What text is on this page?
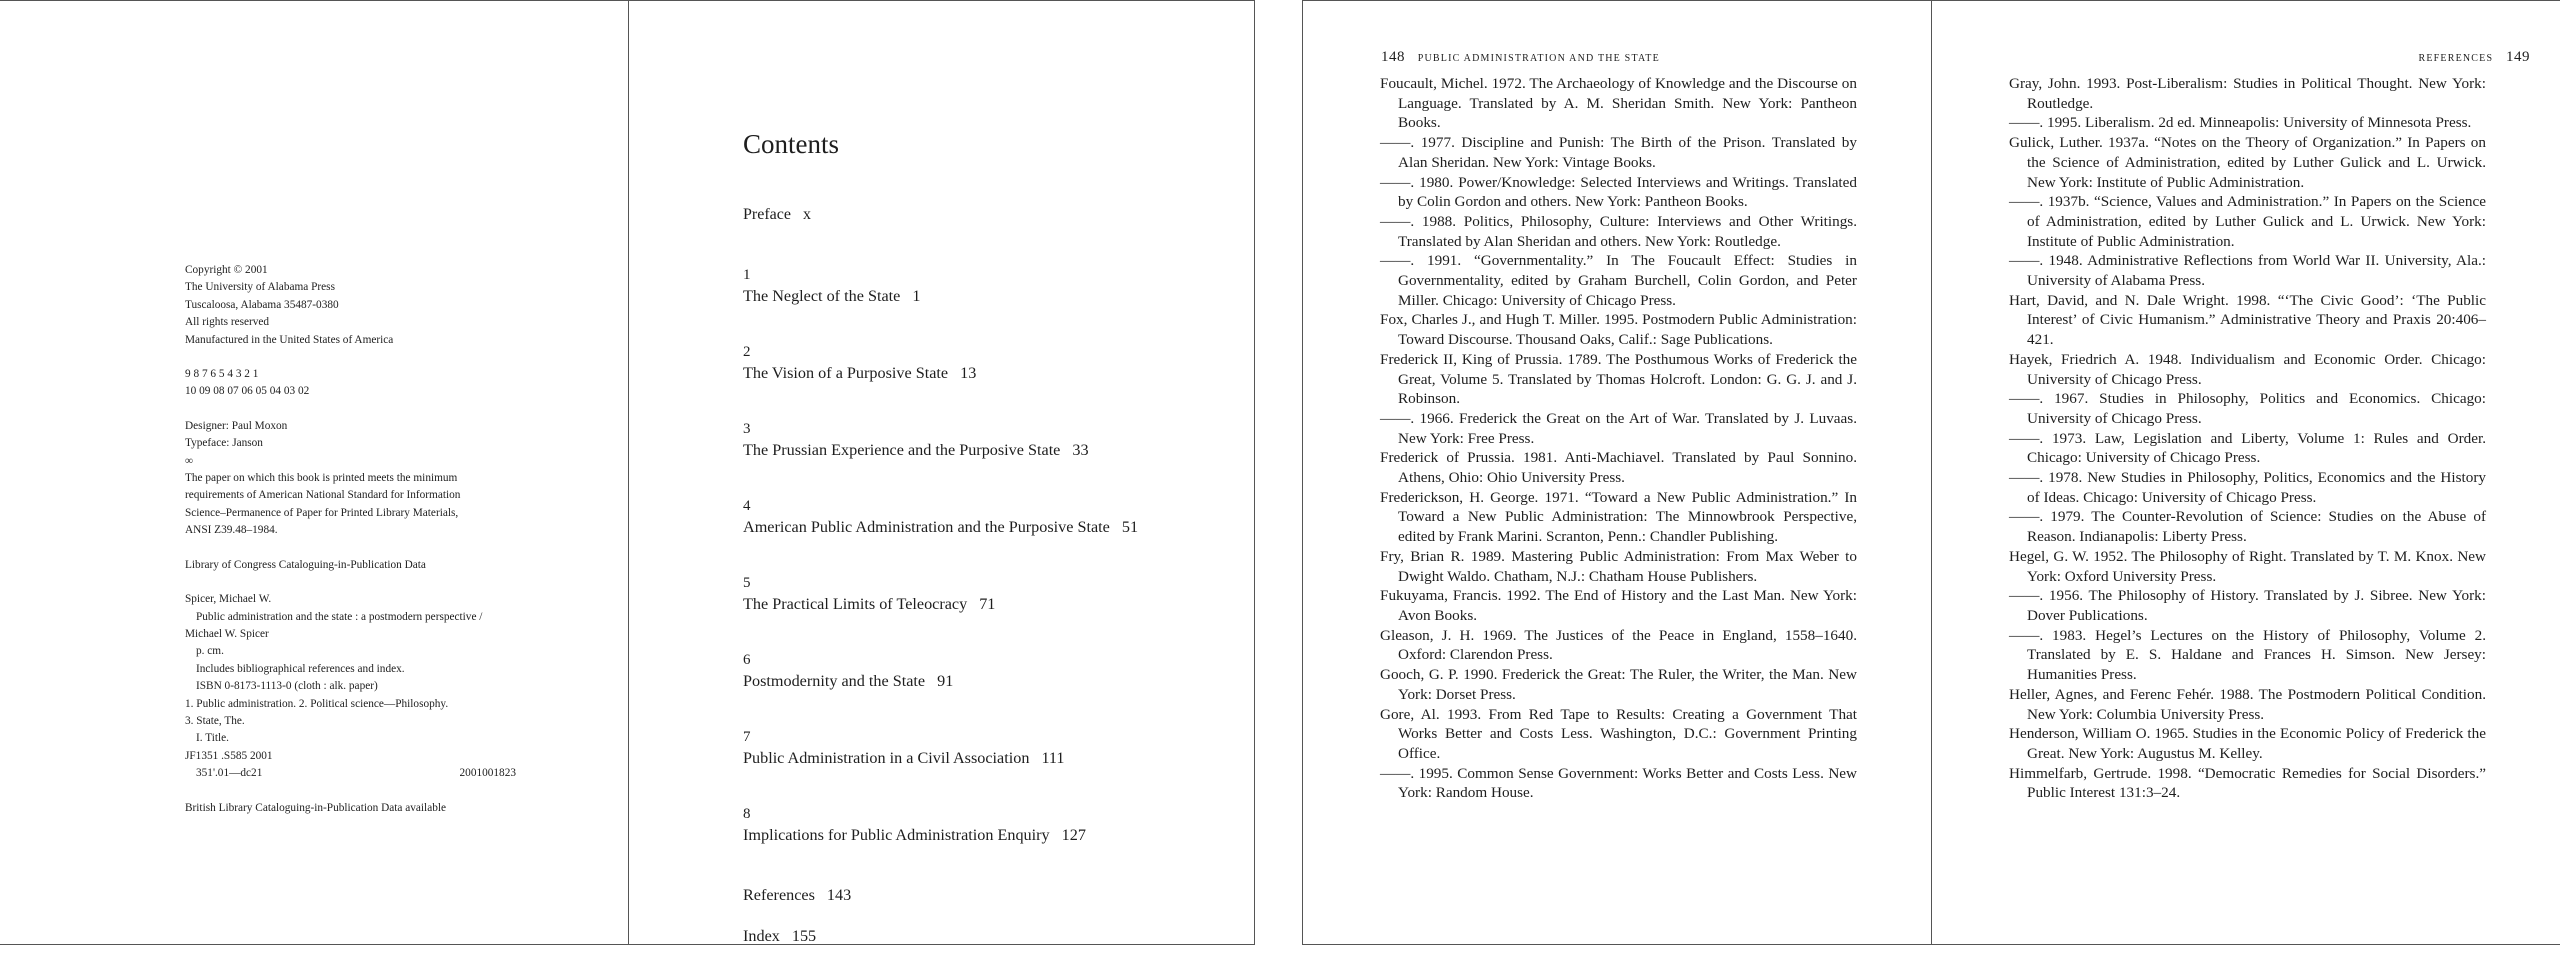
Copyright © 2001
The University of Alabama Press
Tuscaloosa, Alabama 35487-0380
All rights reserved
Manufactured in the United States of America
9 8 7 6 5 4 3 2 1
10 09 08 07 06 05 04 03 02
Designer: Paul Moxon
Typeface: Janson
∞
The paper on which this book is printed meets the minimum
requirements of American National Standard for Information
Science–Permanence of Paper for Printed Library Materials,
ANSI Z39.48–1984.
Library of Congress Cataloguing-in-Publication Data
Spicer, Michael W.
Public administration and the state : a postmodern perspective /
Michael W. Spicer
p. cm.
Includes bibliographical references and index.
ISBN 0-8173-1113-0 (cloth : alk. paper)
1. Public administration. 2. Political science—Philosophy.
3. State, The.
I. Title.
JF1351 .S585 2001
351'.01—dc21	2001001823
British Library Cataloguing-in-Publication Data available
Contents
Preface x
1
The Neglect of the State 1
2
The Vision of a Purposive State 13
3
The Prussian Experience and the Purposive State 33
4
American Public Administration and the Purposive State 51
5
The Practical Limits of Teleocracy 71
6
Postmodernity and the State 91
7
Public Administration in a Civil Association 111
8
Implications for Public Administration Enquiry 127
References 143
Index 155
148 PUBLIC ADMINISTRATION AND THE STATE

Foucault, Michel. 1972. The Archaeology of Knowledge and the Discourse on Language. Translated by A. M. Sheridan Smith. New York: Pantheon Books.

——. 1977. Discipline and Punish: The Birth of the Prison. Translated by Alan Sheridan. New York: Vintage Books.

——. 1980. Power/Knowledge: Selected Interviews and Writings. Translated by Colin Gordon and others. New York: Pantheon Books.

——. 1988. Politics, Philosophy, Culture: Interviews and Other Writings. Translated by Alan Sheridan and others. New York: Routledge.

——. 1991. “Governmentality.” In The Foucault Effect: Studies in Governmentality, edited by Graham Burchell, Colin Gordon, and Peter Miller. Chicago: University of Chicago Press.

Fox, Charles J., and Hugh T. Miller. 1995. Postmodern Public Administration: Toward Discourse. Thousand Oaks, Calif.: Sage Publications.

Frederick II, King of Prussia. 1789. The Posthumous Works of Frederick the Great, Volume 5. Translated by Thomas Holcroft. London: G. G. J. and J. Robinson.

——. 1966. Frederick the Great on the Art of War. Translated by J. Luvaas. New York: Free Press.

Frederick of Prussia. 1981. Anti-Machiavel. Translated by Paul Sonnino. Athens, Ohio: Ohio University Press.

Frederickson, H. George. 1971. “Toward a New Public Administration.” In Toward a New Public Administration: The Minnowbrook Perspective, edited by Frank Marini. Scranton, Penn.: Chandler Publishing.

Fry, Brian R. 1989. Mastering Public Administration: From Max Weber to Dwight Waldo. Chatham, N.J.: Chatham House Publishers.

Fukuyama, Francis. 1992. The End of History and the Last Man. New York: Avon Books.

Gleason, J. H. 1969. The Justices of the Peace in England, 1558–1640. Oxford: Clarendon Press.

Gooch, G. P. 1990. Frederick the Great: The Ruler, the Writer, the Man. New York: Dorset Press.

Gore, Al. 1993. From Red Tape to Results: Creating a Government That Works Better and Costs Less. Washington, D.C.: Government Printing Office.

——. 1995. Common Sense Government: Works Better and Costs Less. New York: Random House.

REFERENCES 149

Gray, John. 1993. Post-Liberalism: Studies in Political Thought. New York: Routledge.

——. 1995. Liberalism. 2d ed. Minneapolis: University of Minnesota Press.

Gulick, Luther. 1937a. “Notes on the Theory of Organization.” In Papers on the Science of Administration, edited by Luther Gulick and L. Urwick. New York: Institute of Public Administration.

——. 1937b. “Science, Values and Administration.” In Papers on the Science of Administration, edited by Luther Gulick and L. Urwick. New York: Institute of Public Administration.

——. 1948. Administrative Reflections from World War II. University, Ala.: University of Alabama Press.

Hart, David, and N. Dale Wright. 1998. “‘The Civic Good’: ‘The Public Interest’ of Civic Humanism.” Administrative Theory and Praxis 20:406–421.

Hayek, Friedrich A. 1948. Individualism and Economic Order. Chicago: University of Chicago Press.

——. 1967. Studies in Philosophy, Politics and Economics. Chicago: University of Chicago Press.

——. 1973. Law, Legislation and Liberty, Volume 1: Rules and Order. Chicago: University of Chicago Press.

——. 1978. New Studies in Philosophy, Politics, Economics and the History of Ideas. Chicago: University of Chicago Press.

——. 1979. The Counter-Revolution of Science: Studies on the Abuse of Reason. Indianapolis: Liberty Press.

Hegel, G. W. 1952. The Philosophy of Right. Translated by T. M. Knox. New York: Oxford University Press.

——. 1956. The Philosophy of History. Translated by J. Sibree. New York: Dover Publications.

——. 1983. Hegel’s Lectures on the History of Philosophy, Volume 2. Translated by E. S. Haldane and Frances H. Simson. New Jersey: Humanities Press.

Heller, Agnes, and Ferenc Fehér. 1988. The Postmodern Political Condition. New York: Columbia University Press.

Henderson, William O. 1965. Studies in the Economic Policy of Frederick the Great. New York: Augustus M. Kelley.

Himmelfarb, Gertrude. 1998. “Democratic Remedies for Social Disorders.” Public Interest 131:3–24.
